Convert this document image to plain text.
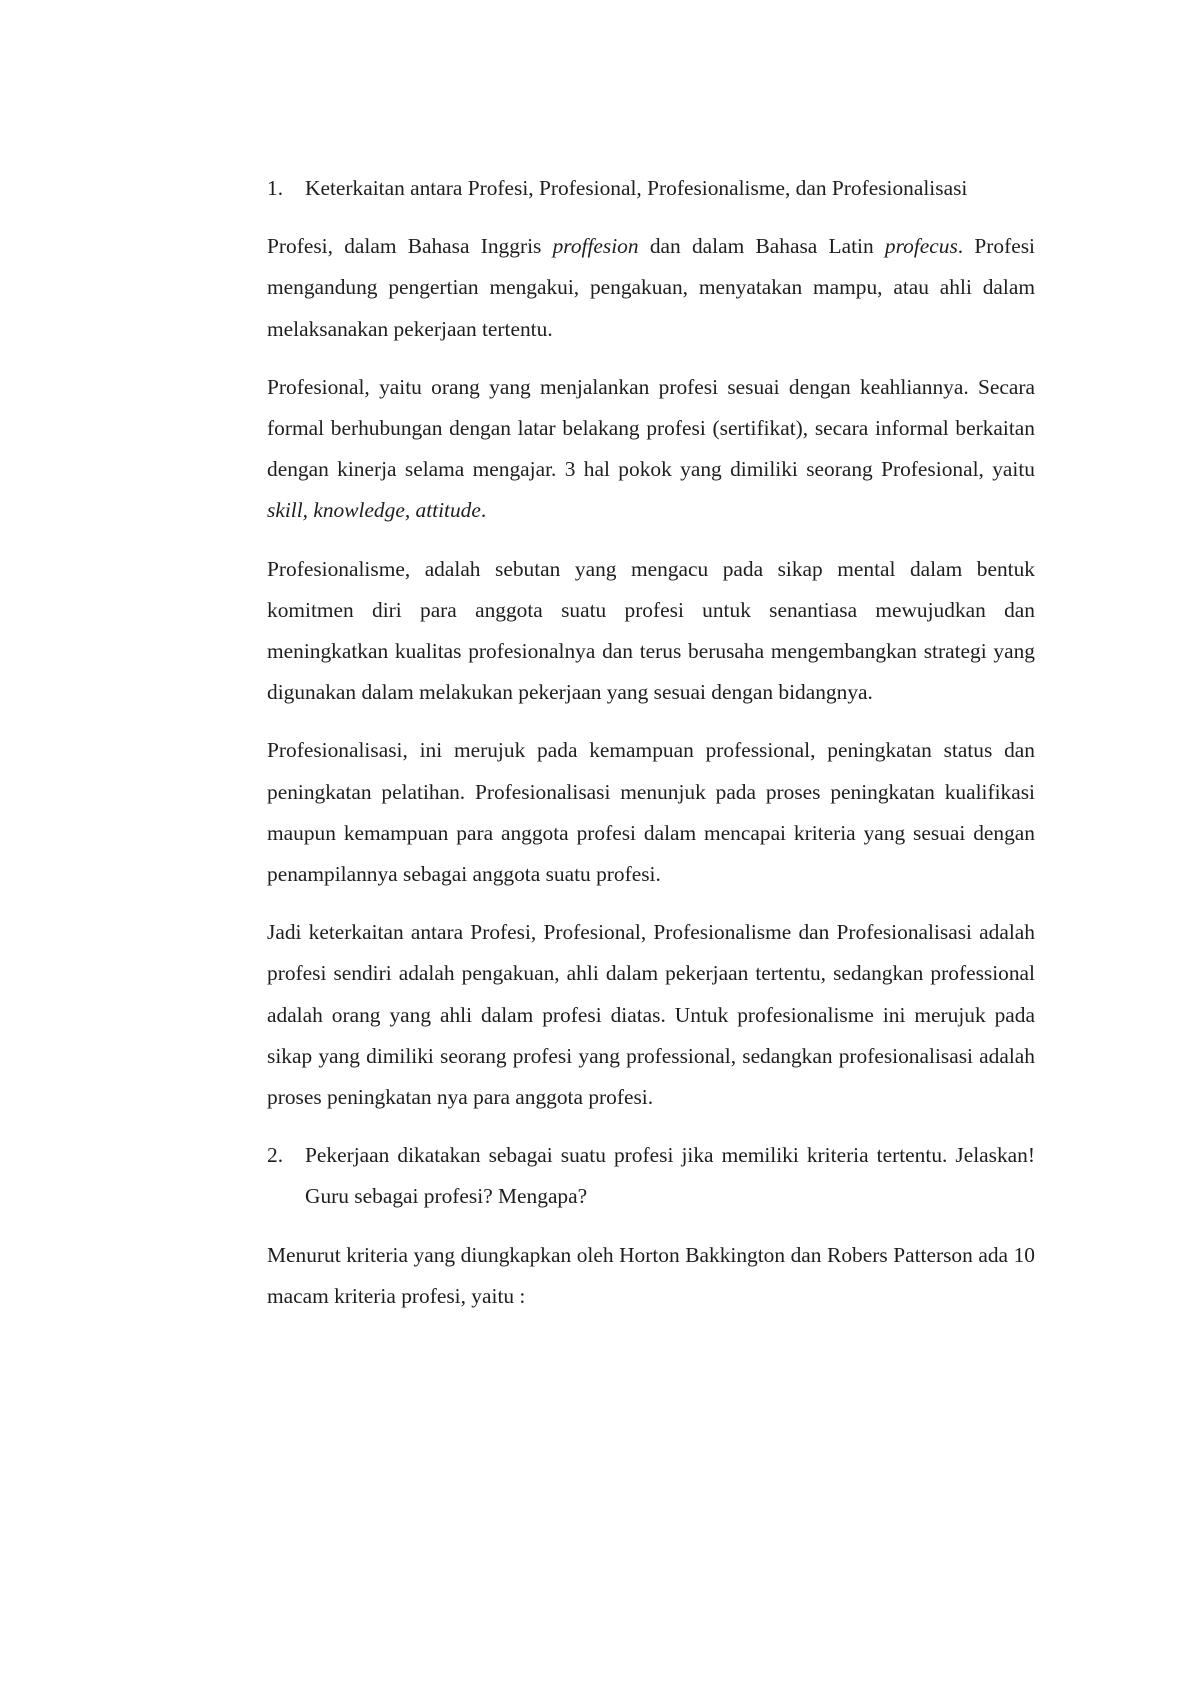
1.	Keterkaitan antara Profesi, Profesional, Profesionalisme, dan Profesionalisasi

Profesi, dalam Bahasa Inggris proffesion dan dalam Bahasa Latin profecus. Profesi mengandung pengertian mengakui, pengakuan, menyatakan mampu, atau ahli dalam melaksanakan pekerjaan tertentu.

Profesional, yaitu orang yang menjalankan profesi sesuai dengan keahliannya. Secara formal berhubungan dengan latar belakang profesi (sertifikat), secara informal berkaitan dengan kinerja selama mengajar. 3 hal pokok yang dimiliki seorang Profesional, yaitu skill, knowledge, attitude.

Profesionalisme, adalah sebutan yang mengacu pada sikap mental dalam bentuk komitmen diri para anggota suatu profesi untuk senantiasa mewujudkan dan meningkatkan kualitas profesionalnya dan terus berusaha mengembangkan strategi yang digunakan dalam melakukan pekerjaan yang sesuai dengan bidangnya.

Profesionalisasi, ini merujuk pada kemampuan professional, peningkatan status dan peningkatan pelatihan. Profesionalisasi menunjuk pada proses peningkatan kualifikasi maupun kemampuan para anggota profesi dalam mencapai kriteria yang sesuai dengan penampilannya sebagai anggota suatu profesi.

Jadi keterkaitan antara Profesi, Profesional, Profesionalisme dan Profesionalisasi adalah profesi sendiri adalah pengakuan, ahli dalam pekerjaan tertentu, sedangkan professional adalah orang yang ahli dalam profesi diatas. Untuk profesionalisme ini merujuk pada sikap yang dimiliki seorang profesi yang professional, sedangkan profesionalisasi adalah proses peningkatan nya para anggota profesi.

2.	Pekerjaan dikatakan sebagai suatu profesi jika memiliki kriteria tertentu. Jelaskan! Guru sebagai profesi? Mengapa?

Menurut kriteria yang diungkapkan oleh Horton Bakkington dan Robers Patterson ada 10 macam kriteria profesi, yaitu :
